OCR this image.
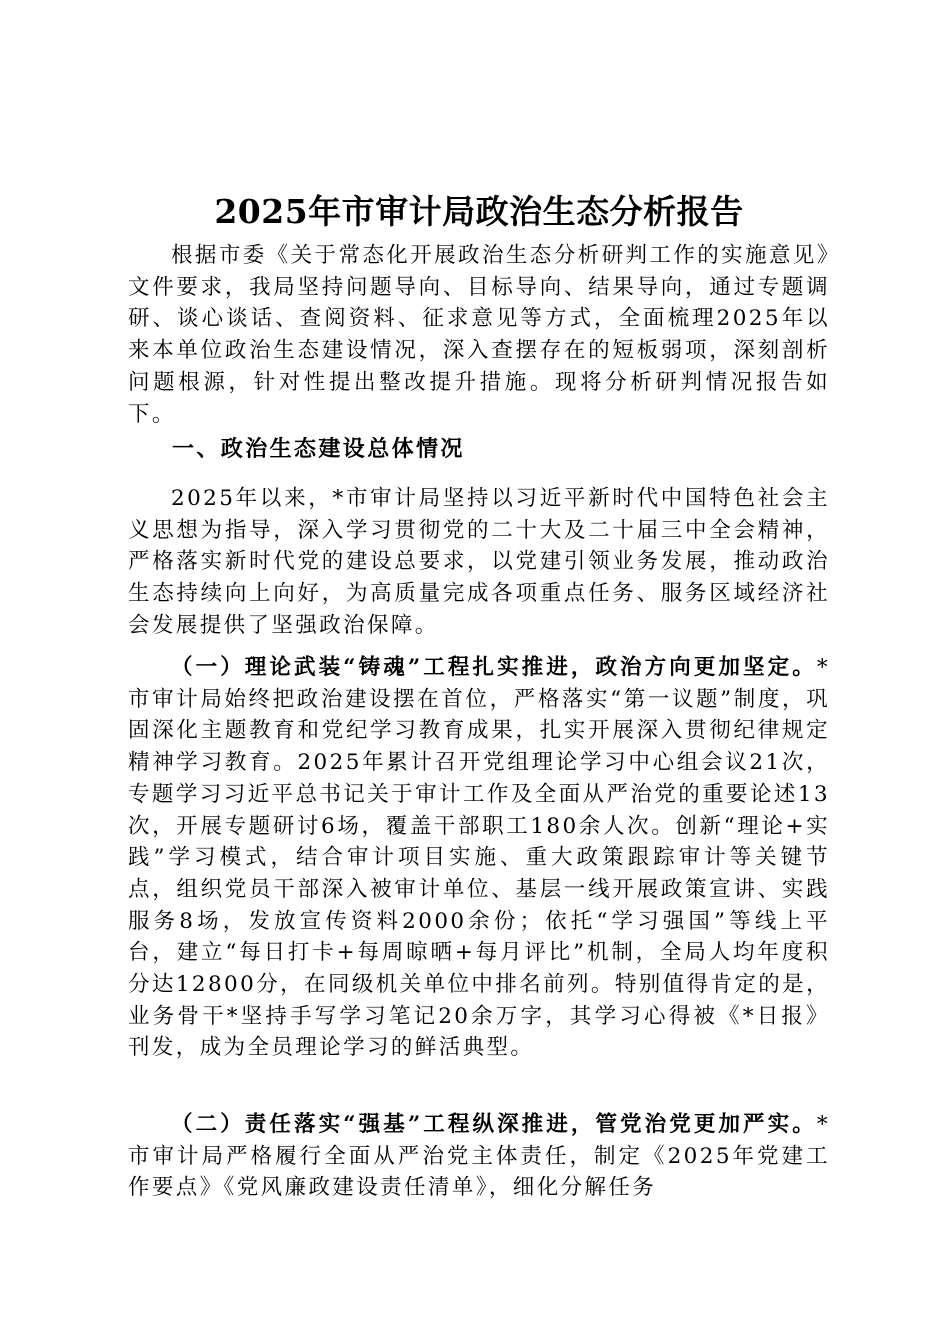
2025年市审计局政治生态分析报告

根据市委《关于常态化开展政治生态分析研判工作的实施意见》文件要求，我局坚持问题导向、目标导向、结果导向，通过专题调研、谈心谈话、查阅资料、征求意见等方式，全面梳理2025年以来本单位政治生态建设情况，深入查摆存在的短板弱项，深刻剖析问题根源，针对性提出整改提升措施。现将分析研判情况报告如下。

一、政治生态建设总体情况

2025年以来，*市审计局坚持以习近平新时代中国特色社会主义思想为指导，深入学习贯彻党的二十大及二十届三中全会精神，严格落实新时代党的建设总要求，以党建引领业务发展，推动政治生态持续向上向好，为高质量完成各项重点任务、服务区域经济社会发展提供了坚强政治保障。

（一）理论武装“铸魂”工程扎实推进，政治方向更加坚定。*市审计局始终把政治建设摆在首位，严格落实“第一议题”制度，巩固深化主题教育和党纪学习教育成果，扎实开展深入贯彻纪律规定精神学习教育。2025年累计召开党组理论学习中心组会议21次，专题学习习近平总书记关于审计工作及全面从严治党的重要论述13次，开展专题研讨6场，覆盖干部职工180余人次。创新“理论+实践”学习模式，结合审计项目实施、重大政策跟踪审计等关键节点，组织党员干部深入被审计单位、基层一线开展政策宣讲、实践服务8场，发放宣传资料2000余份；依托“学习强国”等线上平台，建立“每日打卡+每周晾晒+每月评比”机制，全局人均年度积分达12800分，在同级机关单位中排名前列。特别值得肯定的是，业务骨干*坚持手写学习笔记20余万字，其学习心得被《*日报》刊发，成为全员理论学习的鲜活典型。

（二）责任落实“强基”工程纵深推进，管党治党更加严实。*市审计局严格履行全面从严治党主体责任，制定《2025年党建工作要点》《党风廉政建设责任清单》，细化分解任务
